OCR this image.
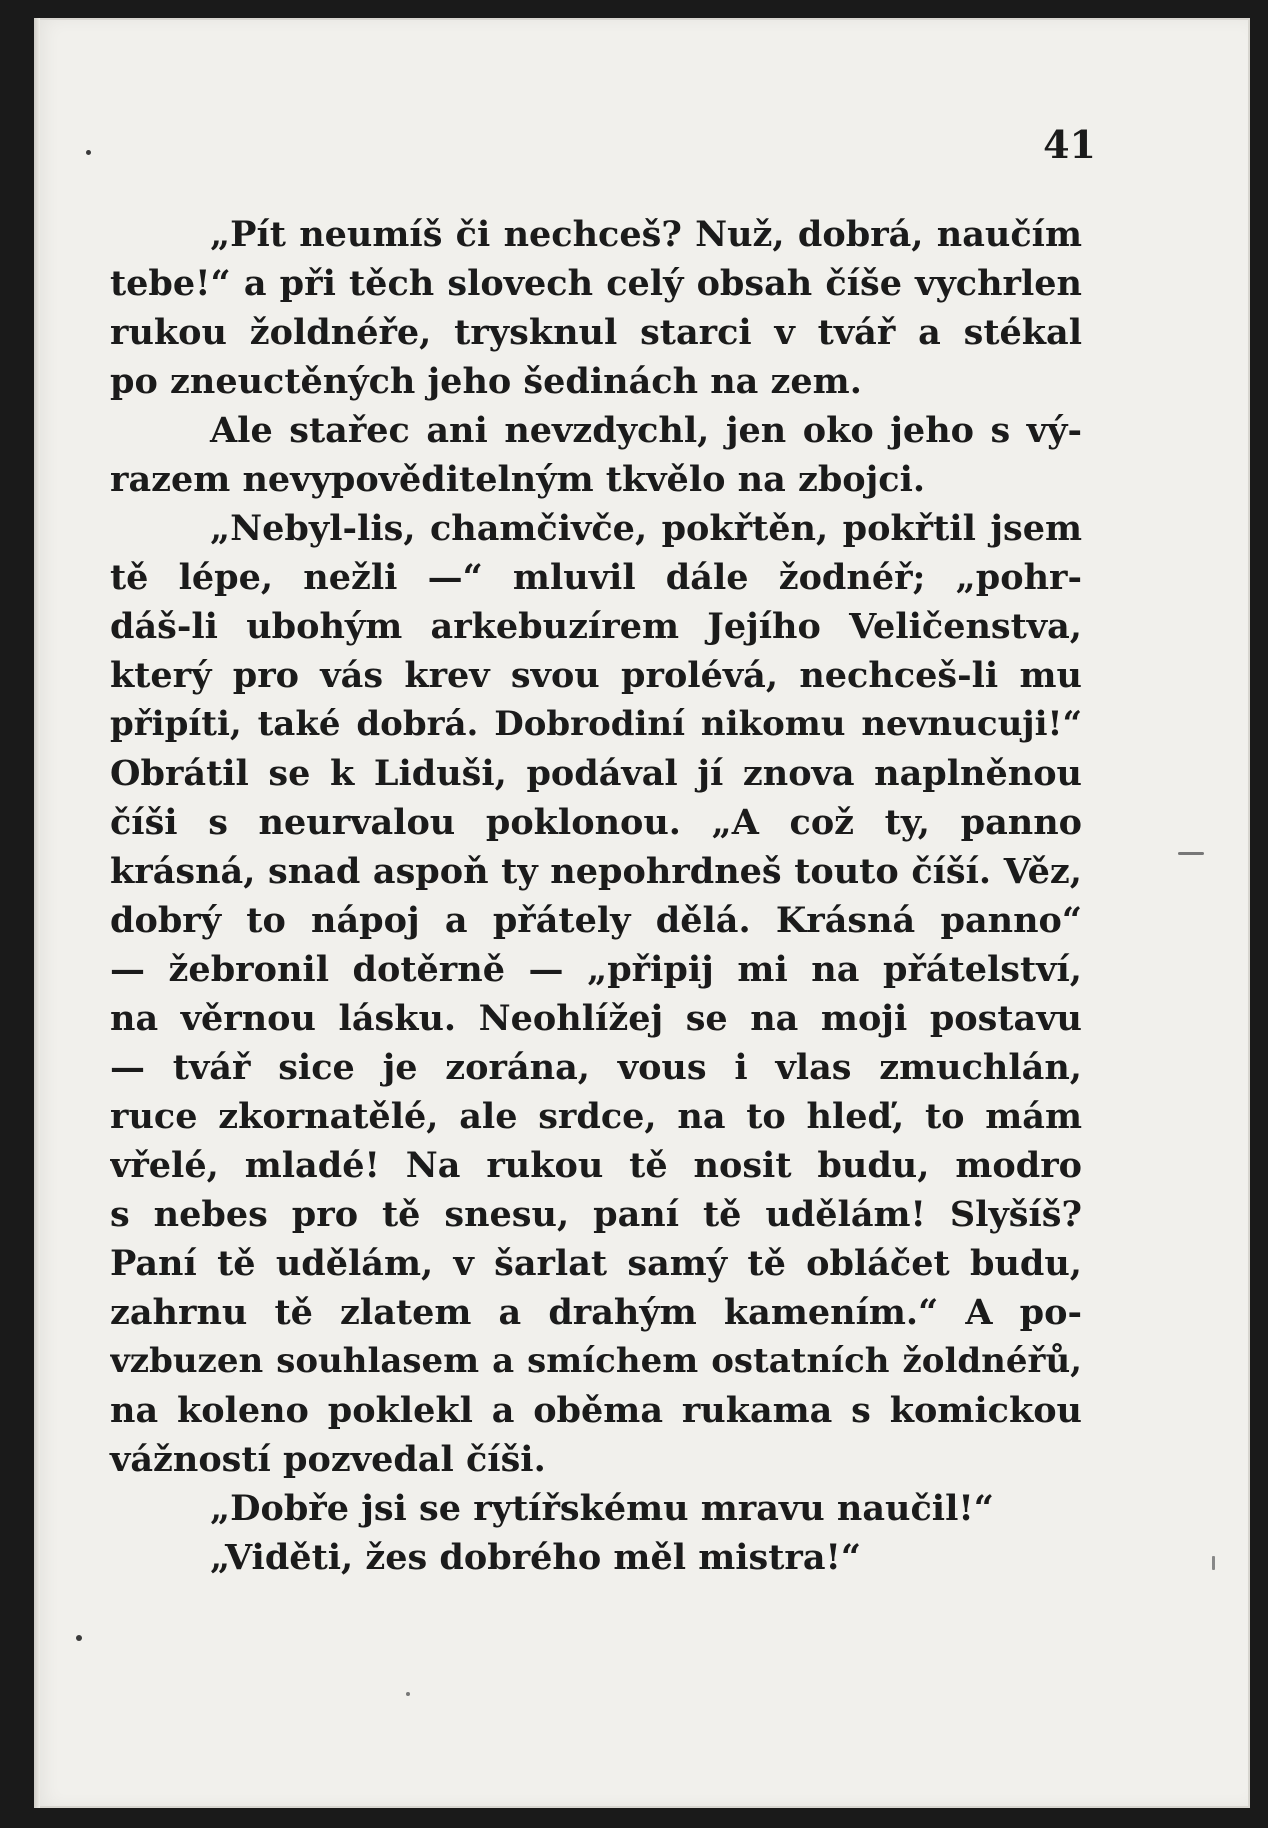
41

„Pít neumíš či nechceš? Nuž, dobrá, naučím
tebe!“ a při těch slovech celý obsah číše vychrlen
rukou žoldnéře, trysknul starci v tvář a stékal
po zneuctěných jeho šedinách na zem.
Ale stařec ani nevzdychl, jen oko jeho s vý-
razem nevypověditelným tkvělo na zbojci.
„Nebyl-lis, chamčivče, pokřtěn, pokřtil jsem
tě lépe, nežli —“ mluvil dále žodnéř; „pohr-
dáš-li ubohým arkebuzírem Jejího Veličenstva,
který pro vás krev svou prolévá, nechceš-li mu
připíti, také dobrá. Dobrodiní nikomu nevnucuji!“
Obrátil se k Liduši, podával jí znova naplněnou
číši s neurvalou poklonou. „A což ty, panno
krásná, snad aspoň ty nepohrdneš touto číší. Věz,
dobrý to nápoj a přátely dělá. Krásná panno“
— žebronil dotěrně — „připij mi na přátelství,
na věrnou lásku. Neohlížej se na moji postavu
— tvář sice je zorána, vous i vlas zmuchlán,
ruce zkornatělé, ale srdce, na to hleď, to mám
vřelé, mladé! Na rukou tě nosit budu, modro
s nebes pro tě snesu, paní tě udělám! Slyšíš?
Paní tě udělám, v šarlat samý tě obláčet budu,
zahrnu tě zlatem a drahým kamením.“ A po-
vzbuzen souhlasem a smíchem ostatních žoldnéřů,
na koleno poklekl a oběma rukama s komickou
vážností pozvedal číši.
„Dobře jsi se rytířskému mravu naučil!“
„Viděti, žes dobrého měl mistra!“
